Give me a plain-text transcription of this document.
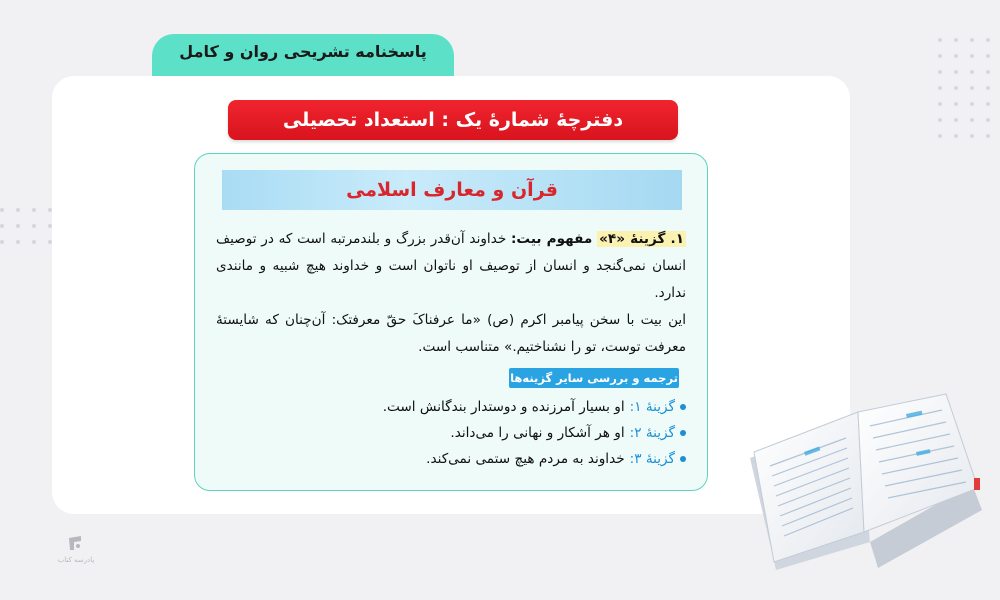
پاسخنامه تشریحی روان و کامل
دفترچهٔ شمارهٔ یک : استعداد تحصیلی
قرآن و معارف اسلامی

۱. گزینهٔ «۴» مفهوم بیت: خداوند آن‌قدر بزرگ و بلندمرتبه است که در توصیف انسان نمی‌گنجد و انسان از توصیف او ناتوان است و خداوند هیچ شبیه و مانندی ندارد.

این بیت با سخن پیامبر اکرم (ص) «ما عرفناکَ حقّ معرفتک: آن‌چنان که شایستهٔ معرفت توست، تو را نشناختیم.» متناسب است.

ترجمه و بررسی سایر گزینه‌ها
گزینهٔ ۱:
او بسیار آمرزنده و دوستدار بندگانش است.
گزینهٔ ۲:
او هر آشکار و نهانی را می‌داند.
گزینهٔ ۳:
خداوند به مردم هیچ ستمی نمی‌کند.
پادرسه کتاب
